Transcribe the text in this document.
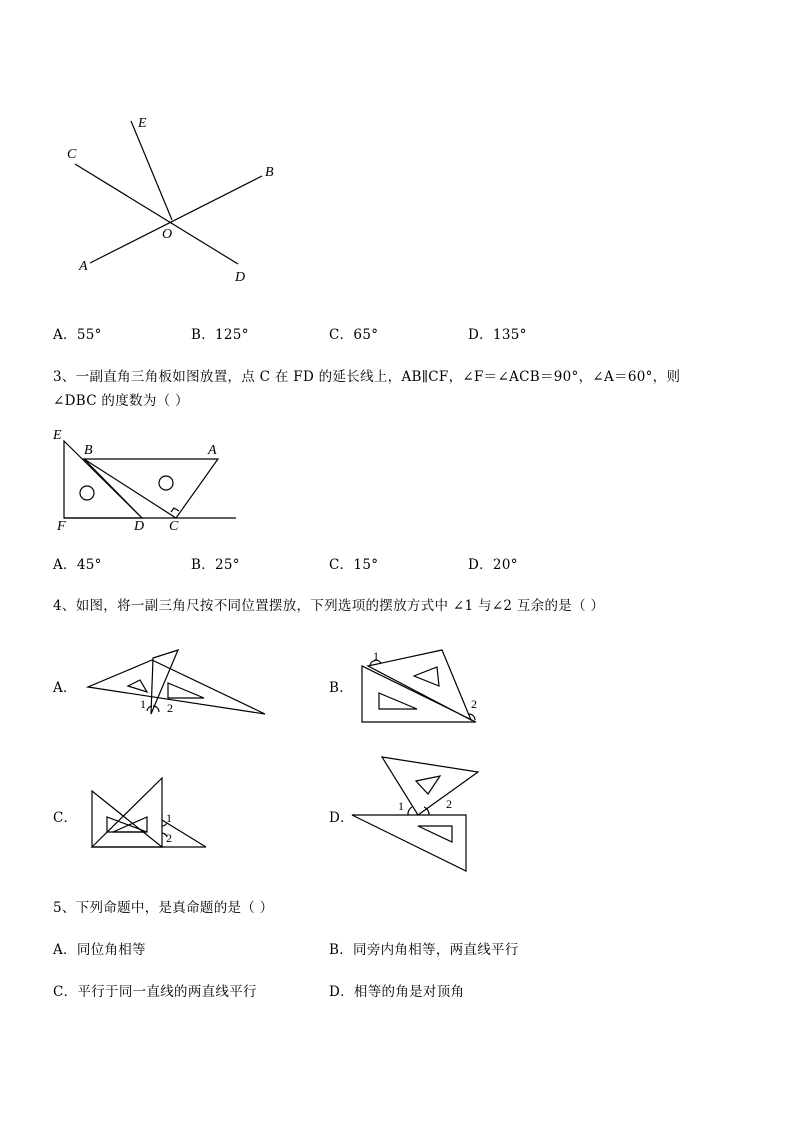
E
C
B
O
A
D
A．55°	B．125°	C．65°	D．135°
3、一副直角三角板如图放置，点 C 在 FD 的延长线上，AB∥CF，∠F＝∠ACB＝90°，∠A＝60°，则
∠DBC 的度数为（ ）
E
B	A
F	D C
A．45°	B．25°	C．15°	D．20°
4、如图，将一副三角尺按不同位置摆放，下列选项的摆放方式中 ∠1 与∠2 互余的是（ ）
A．
1 2
B．
1
2
C．	1
2
D．
1	2
5、下列命题中，是真命题的是（ ）
A．同位角相等	B．同旁内角相等，两直线平行
C．平行于同一直线的两直线平行	D．相等的角是对顶角
